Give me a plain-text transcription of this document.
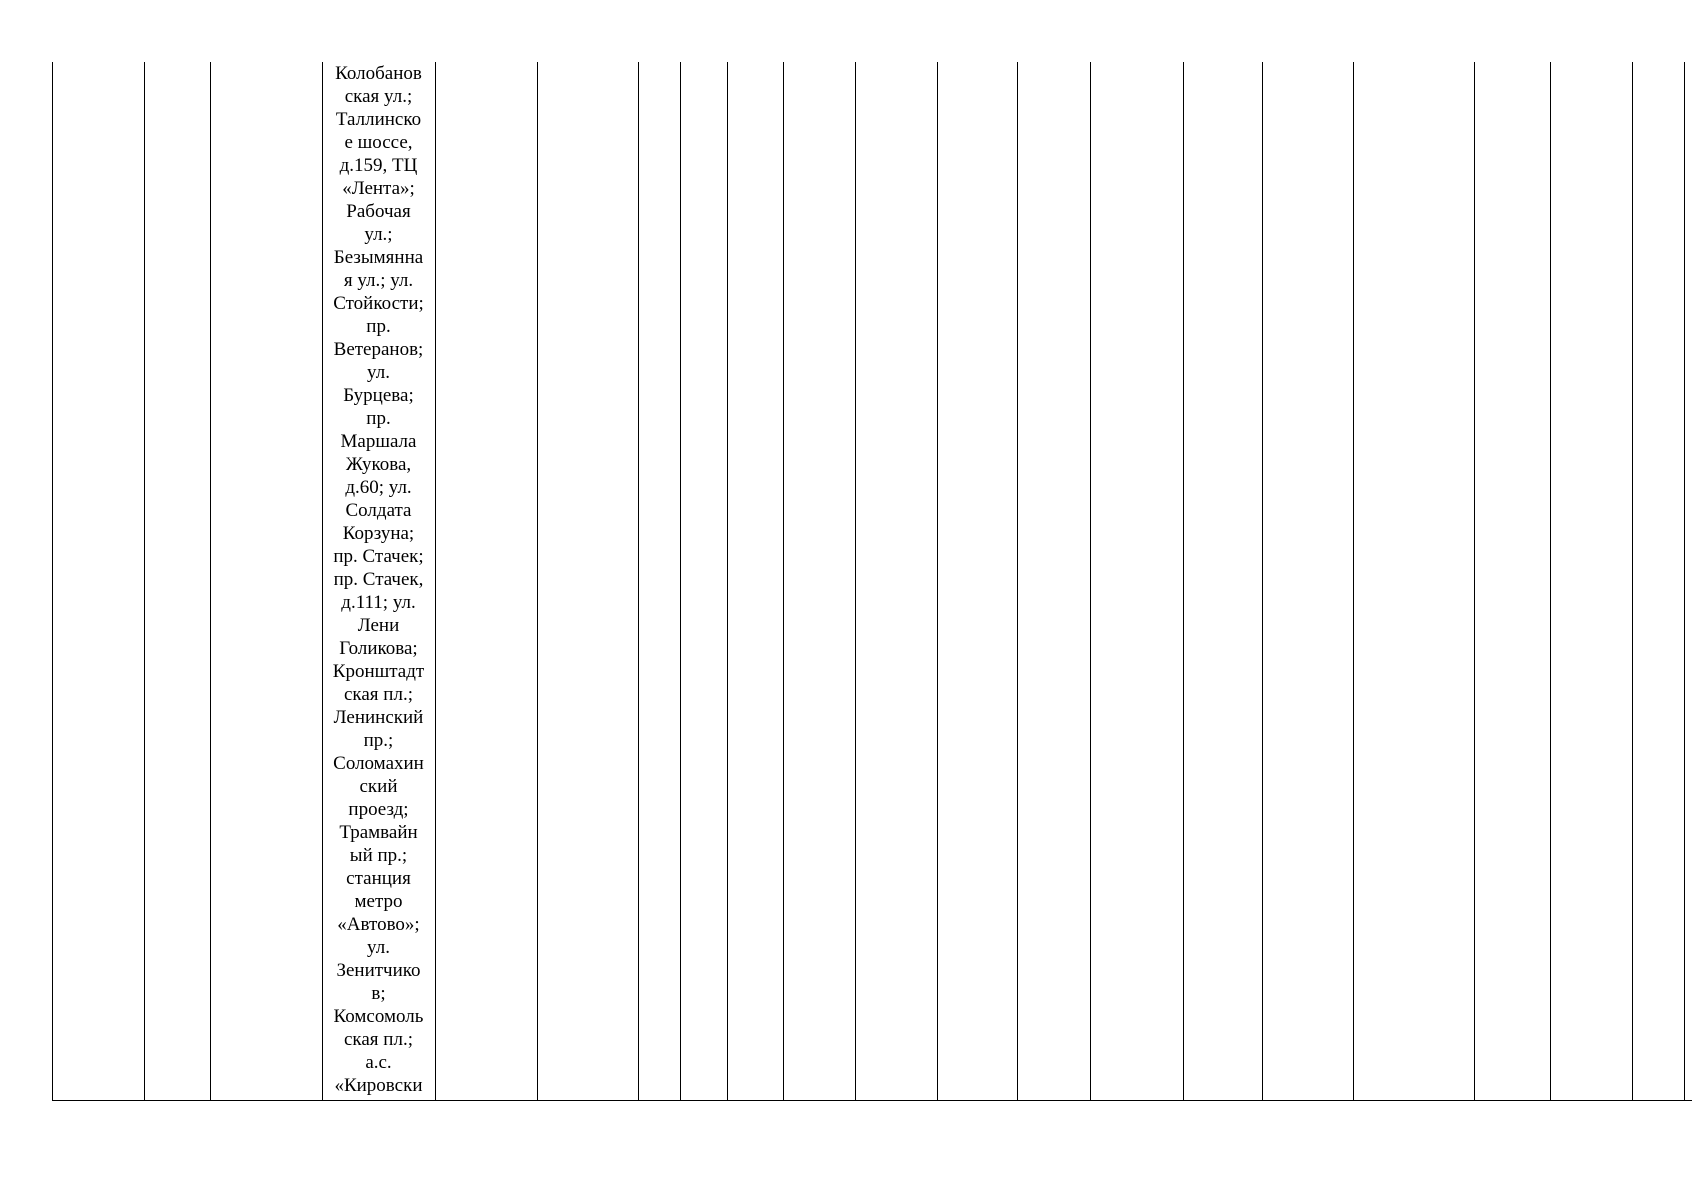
Колобанов
ская ул.;
Таллинско
е шоссе,
д.159, ТЦ
«Лента»;
Рабочая
ул.;
Безымянна
я ул.; ул.
Стойкости;
пр.
Ветеранов;
ул.
Бурцева;
пр.
Маршала
Жукова,
д.60; ул.
Солдата
Корзуна;
пр. Стачек;
пр. Стачек,
д.111; ул.
Лени
Голикова;
Кронштадт
ская пл.;
Ленинский
пр.;
Соломахин
ский
проезд;
Трамвайн
ый пр.;
станция
метро
«Автово»;
ул.
Зенитчико
в;
Комсомоль
ская пл.;
а.с.
«Кировски
